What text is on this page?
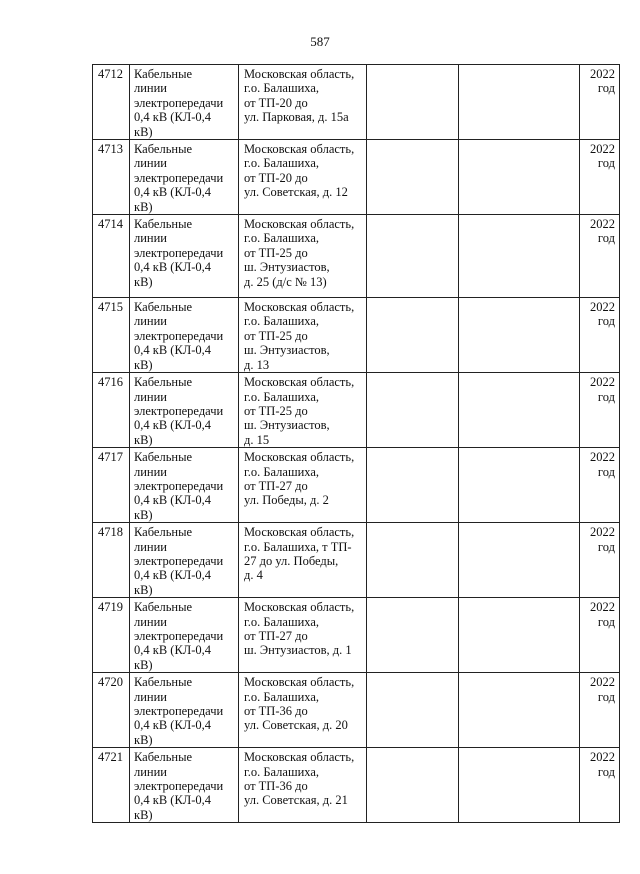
587
4712	Кабельные
линии
электропередачи
0,4 кВ (КЛ-0,4
кВ)	Московская область,
г.о. Балашиха,
от ТП-20 до
ул. Парковая, д. 15а			2022
год
4713	Кабельные
линии
электропередачи
0,4 кВ (КЛ-0,4
кВ)	Московская область,
г.о. Балашиха,
от ТП-20 до
ул. Советская, д. 12			2022
год
4714	Кабельные
линии
электропередачи
0,4 кВ (КЛ-0,4
кВ)	Московская область,
г.о. Балашиха,
от ТП-25 до
ш. Энтузиастов,
д. 25 (д/с № 13)			2022
год
4715	Кабельные
линии
электропередачи
0,4 кВ (КЛ-0,4
кВ)	Московская область,
г.о. Балашиха,
от ТП-25 до
ш. Энтузиастов,
д. 13			2022
год
4716	Кабельные
линии
электропередачи
0,4 кВ (КЛ-0,4
кВ)	Московская область,
г.о. Балашиха,
от ТП-25 до
ш. Энтузиастов,
д. 15			2022
год
4717	Кабельные
линии
электропередачи
0,4 кВ (КЛ-0,4
кВ)	Московская область,
г.о. Балашиха,
от ТП-27 до
ул. Победы, д. 2			2022
год
4718	Кабельные
линии
электропередачи
0,4 кВ (КЛ-0,4
кВ)	Московская область,
г.о. Балашиха, т ТП-
27 до ул. Победы,
д. 4			2022
год
4719	Кабельные
линии
электропередачи
0,4 кВ (КЛ-0,4
кВ)	Московская область,
г.о. Балашиха,
от ТП-27 до
ш. Энтузиастов, д. 1			2022
год
4720	Кабельные
линии
электропередачи
0,4 кВ (КЛ-0,4
кВ)	Московская область,
г.о. Балашиха,
от ТП-36 до
ул. Советская, д. 20			2022
год
4721	Кабельные
линии
электропередачи
0,4 кВ (КЛ-0,4
кВ)	Московская область,
г.о. Балашиха,
от ТП-36 до
ул. Советская, д. 21			2022
год
